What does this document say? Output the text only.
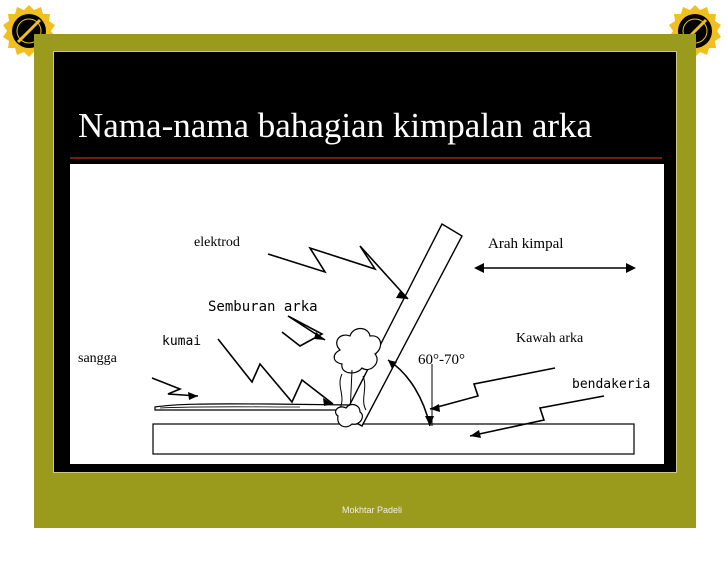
Nama-nama bahagian kimpalan arka
elektrod
Semburan arka
kumai
sangga
Arah kimpal
Kawah arka
60°-70°
bendakeria
Mokhtar Padeli
